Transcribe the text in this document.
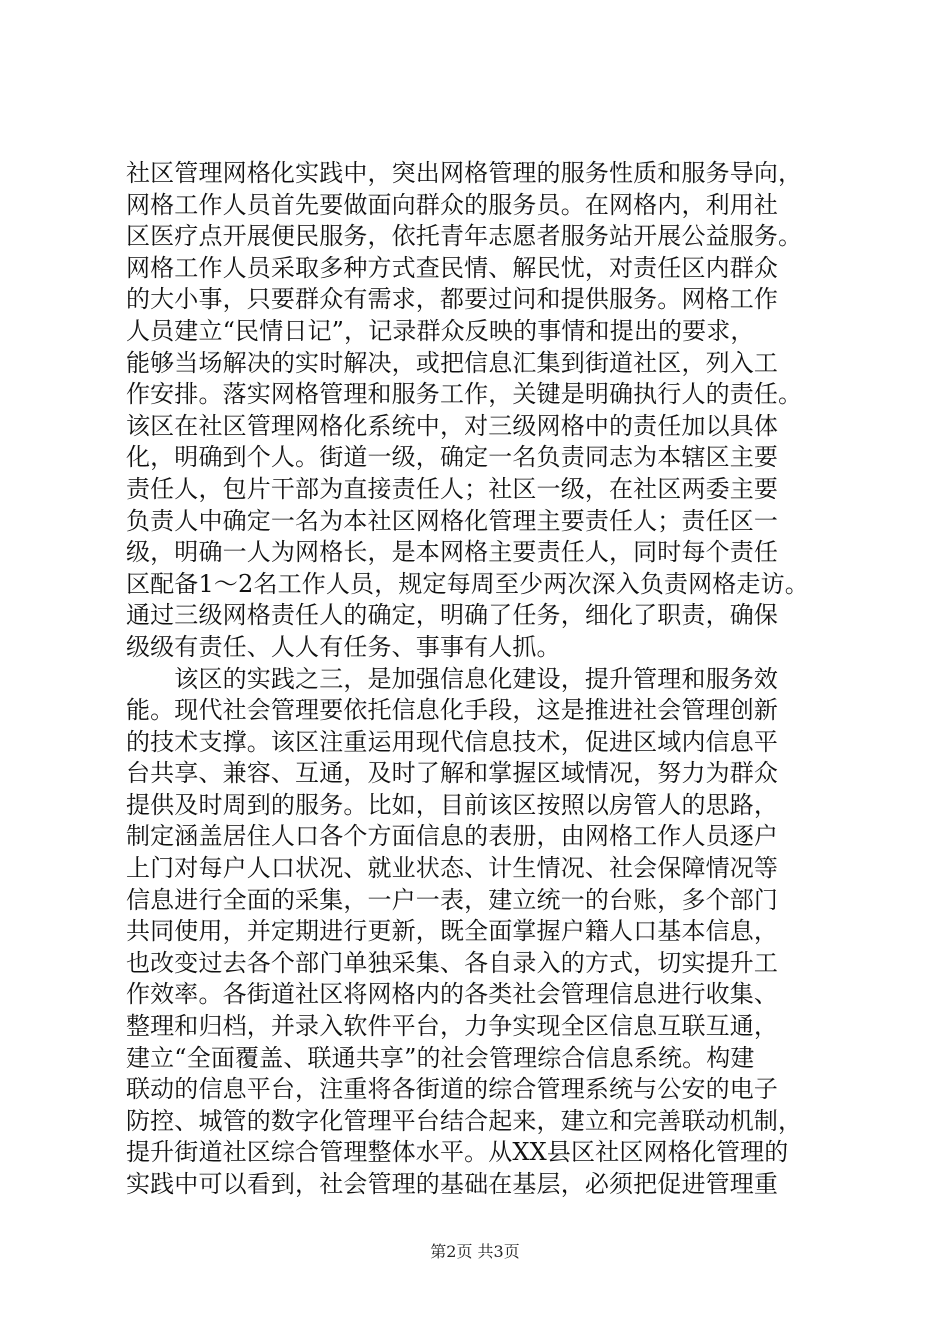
社区管理网格化实践中，突出网格管理的服务性质和服务导向，
网格工作人员首先要做面向群众的服务员。在网格内，利用社
区医疗点开展便民服务，依托青年志愿者服务站开展公益服务。
网格工作人员采取多种方式查民情、解民忧，对责任区内群众
的大小事，只要群众有需求，都要过问和提供服务。网格工作
人员建立“民情日记”，记录群众反映的事情和提出的要求，
能够当场解决的实时解决，或把信息汇集到街道社区，列入工
作安排。落实网格管理和服务工作，关键是明确执行人的责任。
该区在社区管理网格化系统中，对三级网格中的责任加以具体
化，明确到个人。街道一级，确定一名负责同志为本辖区主要
责任人，包片干部为直接责任人；社区一级，在社区两委主要
负责人中确定一名为本社区网格化管理主要责任人；责任区一
级，明确一人为网格长，是本网格主要责任人，同时每个责任
区配备1～2名工作人员，规定每周至少两次深入负责网格走访。
通过三级网格责任人的确定，明确了任务，细化了职责，确保
级级有责任、人人有任务、事事有人抓。
　　该区的实践之三，是加强信息化建设，提升管理和服务效
能。现代社会管理要依托信息化手段，这是推进社会管理创新
的技术支撑。该区注重运用现代信息技术，促进区域内信息平
台共享、兼容、互通，及时了解和掌握区域情况，努力为群众
提供及时周到的服务。比如，目前该区按照以房管人的思路，
制定涵盖居住人口各个方面信息的表册，由网格工作人员逐户
上门对每户人口状况、就业状态、计生情况、社会保障情况等
信息进行全面的采集，一户一表，建立统一的台账，多个部门
共同使用，并定期进行更新，既全面掌握户籍人口基本信息，
也改变过去各个部门单独采集、各自录入的方式，切实提升工
作效率。各街道社区将网格内的各类社会管理信息进行收集、
整理和归档，并录入软件平台，力争实现全区信息互联互通，
建立“全面覆盖、联通共享”的社会管理综合信息系统。构建
联动的信息平台，注重将各街道的综合管理系统与公安的电子
防控、城管的数字化管理平台结合起来，建立和完善联动机制，
提升街道社区综合管理整体水平。从XX县区社区网格化管理的
实践中可以看到，社会管理的基础在基层，必须把促进管理重
第2页 共3页
